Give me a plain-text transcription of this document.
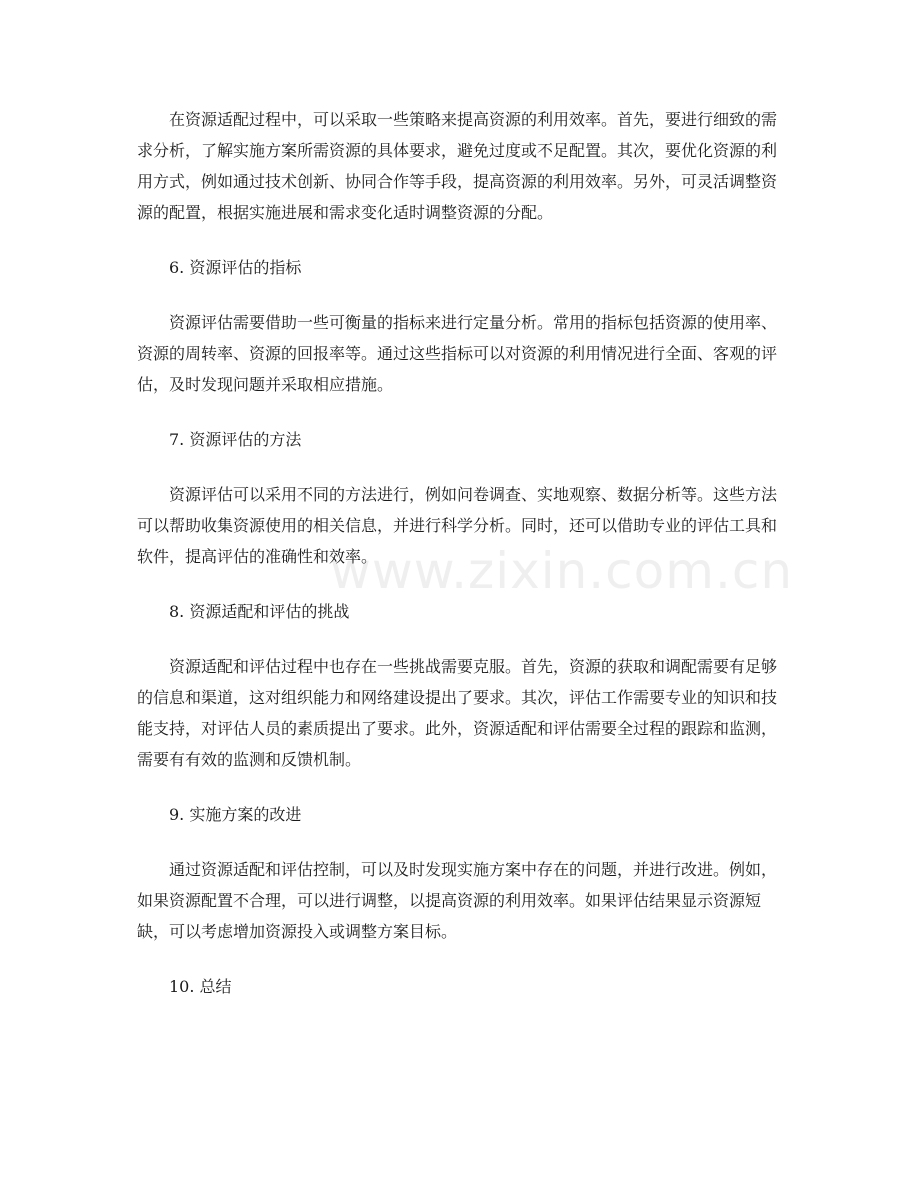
在资源适配过程中，可以采取一些策略来提高资源的利用效率。首先，要进行细致的需求分析，了解实施方案所需资源的具体要求，避免过度或不足配置。其次，要优化资源的利用方式，例如通过技术创新、协同合作等手段，提高资源的利用效率。另外，可灵活调整资源的配置，根据实施进展和需求变化适时调整资源的分配。

6. 资源评估的指标

资源评估需要借助一些可衡量的指标来进行定量分析。常用的指标包括资源的使用率、资源的周转率、资源的回报率等。通过这些指标可以对资源的利用情况进行全面、客观的评估，及时发现问题并采取相应措施。

7. 资源评估的方法

资源评估可以采用不同的方法进行，例如问卷调查、实地观察、数据分析等。这些方法可以帮助收集资源使用的相关信息，并进行科学分析。同时，还可以借助专业的评估工具和软件，提高评估的准确性和效率。

8. 资源适配和评估的挑战

资源适配和评估过程中也存在一些挑战需要克服。首先，资源的获取和调配需要有足够的信息和渠道，这对组织能力和网络建设提出了要求。其次，评估工作需要专业的知识和技能支持，对评估人员的素质提出了要求。此外，资源适配和评估需要全过程的跟踪和监测，需要有有效的监测和反馈机制。

9. 实施方案的改进

通过资源适配和评估控制，可以及时发现实施方案中存在的问题，并进行改进。例如，如果资源配置不合理，可以进行调整，以提高资源的利用效率。如果评估结果显示资源短缺，可以考虑增加资源投入或调整方案目标。

10. 总结
www.zixin.com.cn
